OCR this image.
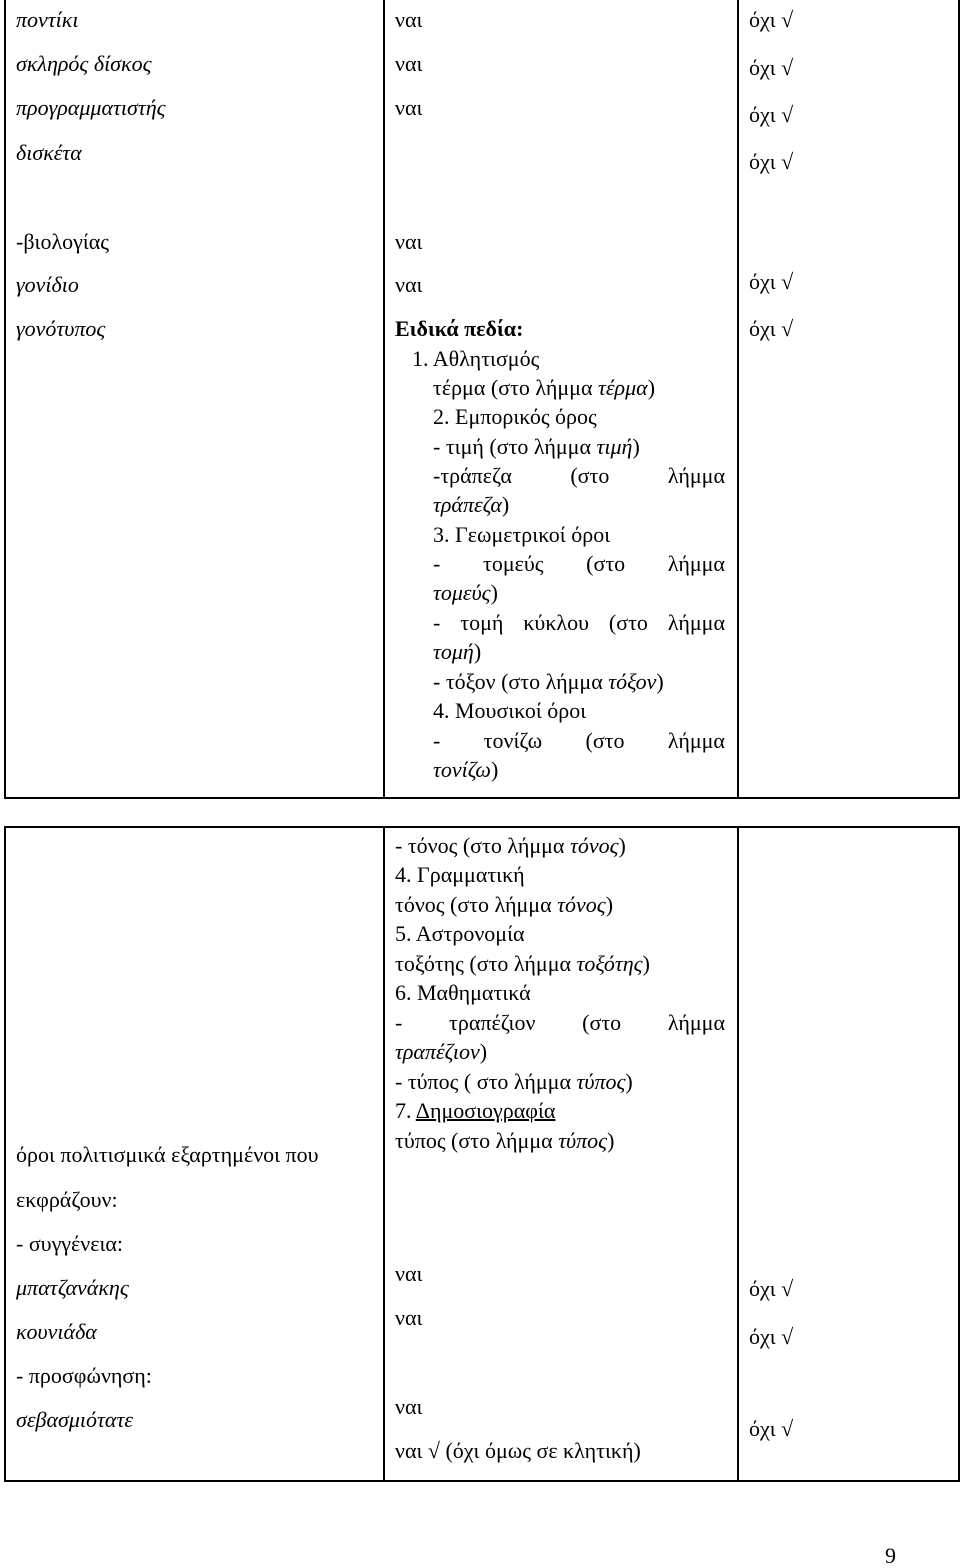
ποντίκι
σκληρός δίσκος
προγραμματιστής
δισκέτα
-βιολογίας
γονίδιο
γονότυπος
ναι
ναι
ναι
ναι
ναι
Ειδικά πεδία:
1. Αθλητισμός
τέρμα (στο λήμμα τέρμα)
2. Εμπορικός όρος
- τιμή (στο λήμμα τιμή)
-τράπεζα	(στο	λήμμα
τράπεζα)
3. Γεωμετρικοί όροι
- τομεύς (στο λήμμα
τομεύς)
- τομή κύκλου (στο λήμμα
τομή)
- τόξον (στο λήμμα τόξον)
4. Μουσικοί όροι
- τονίζω (στο λήμμα
τονίζω)
όχι √
όχι √
όχι √
όχι √
όχι √
όχι √
όροι πολιτισμικά εξαρτημένοι που
εκφράζουν:
- συγγένεια:
μπατζανάκης
κουνιάδα
- προσφώνηση:
σεβασμιότατε
- τόνος (στο λήμμα τόνος)
4. Γραμματική
τόνος (στο λήμμα τόνος)
5. Αστρονομία
τοξότης (στο λήμμα τοξότης)
6. Μαθηματικά
- τραπέζιον (στο λήμμα
τραπέζιον)
- τύπος ( στο λήμμα τύπος)
7. Δημοσιογραφία
τύπος (στο λήμμα τύπος)
ναι
ναι
ναι
ναι √ (όχι όμως σε κλητική)
όχι √
όχι √
όχι √
9
